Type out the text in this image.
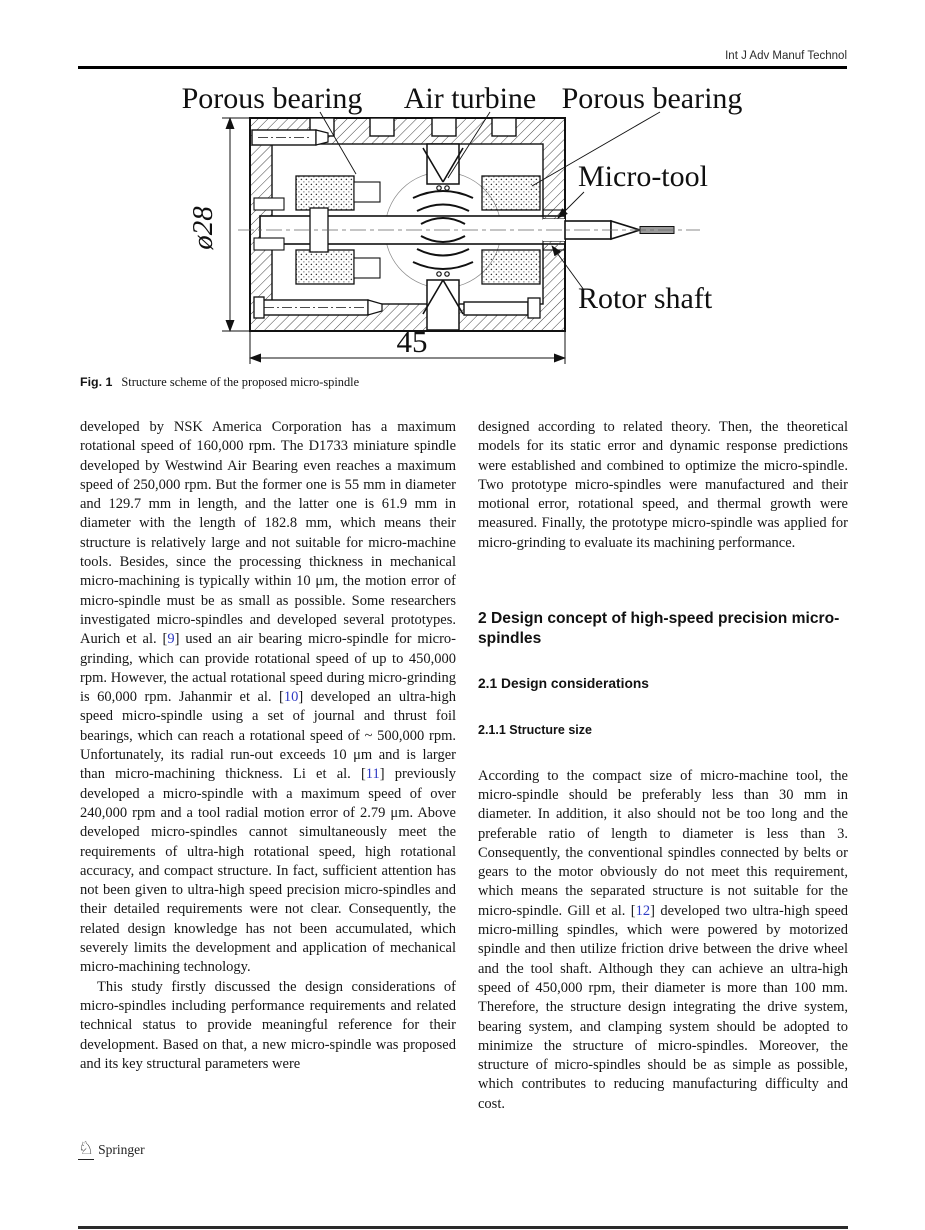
Int J Adv Manuf Technol
Porous bearing Air turbine Porous bearing
Micro-tool
Rotor shaft
ø28
45
Fig. 1 Structure scheme of the proposed micro-spindle

developed by NSK America Corporation has a maximum rotational speed of 160,000 rpm. The D1733 miniature spindle developed by Westwind Air Bearing even reaches a maximum speed of 250,000 rpm. But the former one is 55 mm in diameter and 129.7 mm in length, and the latter one is 61.9 mm in diameter with the length of 182.8 mm, which means their structure is relatively large and not suitable for micro-machine tools. Besides, since the processing thickness in mechanical micro-machining is typically within 10 μm, the motion error of micro-spindle must be as small as possible. Some researchers investigated micro-spindles and developed several prototypes. Aurich et al. [9] used an air bearing micro-spindle for micro-grinding, which can provide rotational speed of up to 450,000 rpm. However, the actual rotational speed during micro-grinding is 60,000 rpm. Jahanmir et al. [10] developed an ultra-high speed micro-spindle using a set of journal and thrust foil bearings, which can reach a rotational speed of ~ 500,000 rpm. Unfortunately, its radial run-out exceeds 10 μm and is larger than micro-machining thickness. Li et al. [11] previously developed a micro-spindle with a maximum speed of over 240,000 rpm and a tool radial motion error of 2.79 μm. Above developed micro-spindles cannot simultaneously meet the requirements of ultra-high rotational speed, high rotational accuracy, and compact structure. In fact, sufficient attention has not been given to ultra-high speed precision micro-spindles and their detailed requirements were not clear. Consequently, the related design knowledge has not been accumulated, which severely limits the development and application of mechanical micro-machining technology.

This study firstly discussed the design considerations of micro-spindles including performance requirements and related technical status to provide meaningful reference for their development. Based on that, a new micro-spindle was proposed and its key structural parameters were

designed according to related theory. Then, the theoretical models for its static error and dynamic response predictions were established and combined to optimize the micro-spindle. Two prototype micro-spindles were manufactured and their motional error, rotational speed, and thermal growth were measured. Finally, the prototype micro-spindle was applied for micro-grinding to evaluate its machining performance.

2 Design concept of high-speed precision micro-spindles
2.1 Design considerations
2.1.1 Structure size

According to the compact size of micro-machine tool, the micro-spindle should be preferably less than 30 mm in diameter. In addition, it also should not be too long and the preferable ratio of length to diameter is less than 3. Consequently, the conventional spindles connected by belts or gears to the motor obviously do not meet this requirement, which means the separated structure is not suitable for the micro-spindle. Gill et al. [12] developed two ultra-high speed micro-milling spindles, which were powered by motorized spindle and then utilize friction drive between the drive wheel and the tool shaft. Although they can achieve an ultra-high speed of 450,000 rpm, their diameter is more than 100 mm. Therefore, the structure design integrating the drive system, bearing system, and clamping system should be adopted to minimize the structure of micro-spindles. Moreover, the structure of micro-spindles should be as simple as possible, which contributes to reducing manufacturing difficulty and cost.

♘ Springer
